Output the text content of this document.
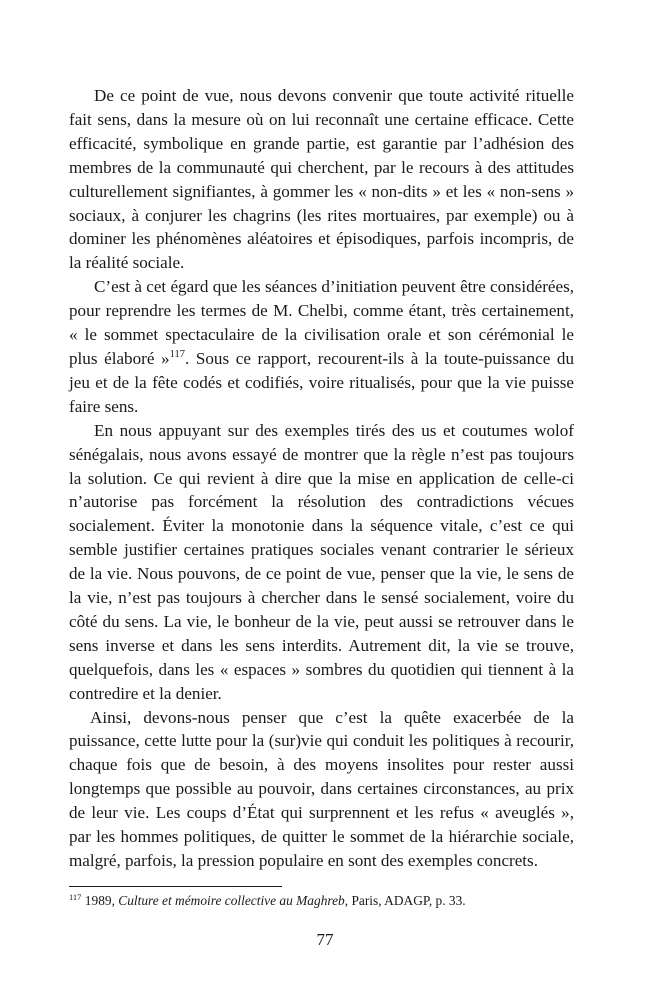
De ce point de vue, nous devons convenir que toute activité rituelle fait sens, dans la mesure où on lui reconnaît une certaine efficace. Cette efficacité, symbolique en grande partie, est garantie par l’adhésion des membres de la communauté qui cherchent, par le recours à des attitudes culturellement signifiantes, à gommer les « non-dits » et les « non-sens » sociaux, à conjurer les chagrins (les rites mortuaires, par exemple) ou à dominer les phénomènes aléatoires et épisodiques, parfois incompris, de la réalité sociale.

C’est à cet égard que les séances d’initiation peuvent être considérées, pour reprendre les termes de M. Chelbi, comme étant, très certainement, « le sommet spectaculaire de la civilisation orale et son cérémonial le plus élaboré »$^{117}$. Sous ce rapport, recourent-ils à la toute-puissance du jeu et de la fête codés et codifiés, voire ritualisés, pour que la vie puisse faire sens.

En nous appuyant sur des exemples tirés des us et coutumes wolof sénégalais, nous avons essayé de montrer que la règle n’est pas toujours la solution. Ce qui revient à dire que la mise en application de celle-ci n’autorise pas forcément la résolution des contradictions vécues socialement. Éviter la monotonie dans la séquence vitale, c’est ce qui semble justifier certaines pratiques sociales venant contrarier le sérieux de la vie. Nous pouvons, de ce point de vue, penser que la vie, le sens de la vie, n’est pas toujours à chercher dans le sensé socialement, voire du côté du sens. La vie, le bonheur de la vie, peut aussi se retrouver dans le sens inverse et dans les sens interdits. Autrement dit, la vie se trouve, quelquefois, dans les « espaces » sombres du quotidien qui tiennent à la contredire et la denier.

Ainsi, devons-nous penser que c’est la quête exacerbée de la puissance, cette lutte pour la (sur)vie qui conduit les politiques à recourir, chaque fois que de besoin, à des moyens insolites pour rester aussi longtemps que possible au pouvoir, dans certaines circonstances, au prix de leur vie. Les coups d’État qui surprennent et les refus « aveuglés », par les hommes politiques, de quitter le sommet de la hiérarchie sociale, malgré, parfois, la pression populaire en sont des exemples concrets.

$^{117}$ 1989, Culture et mémoire collective au Maghreb, Paris, ADAGP, p. 33.
77
